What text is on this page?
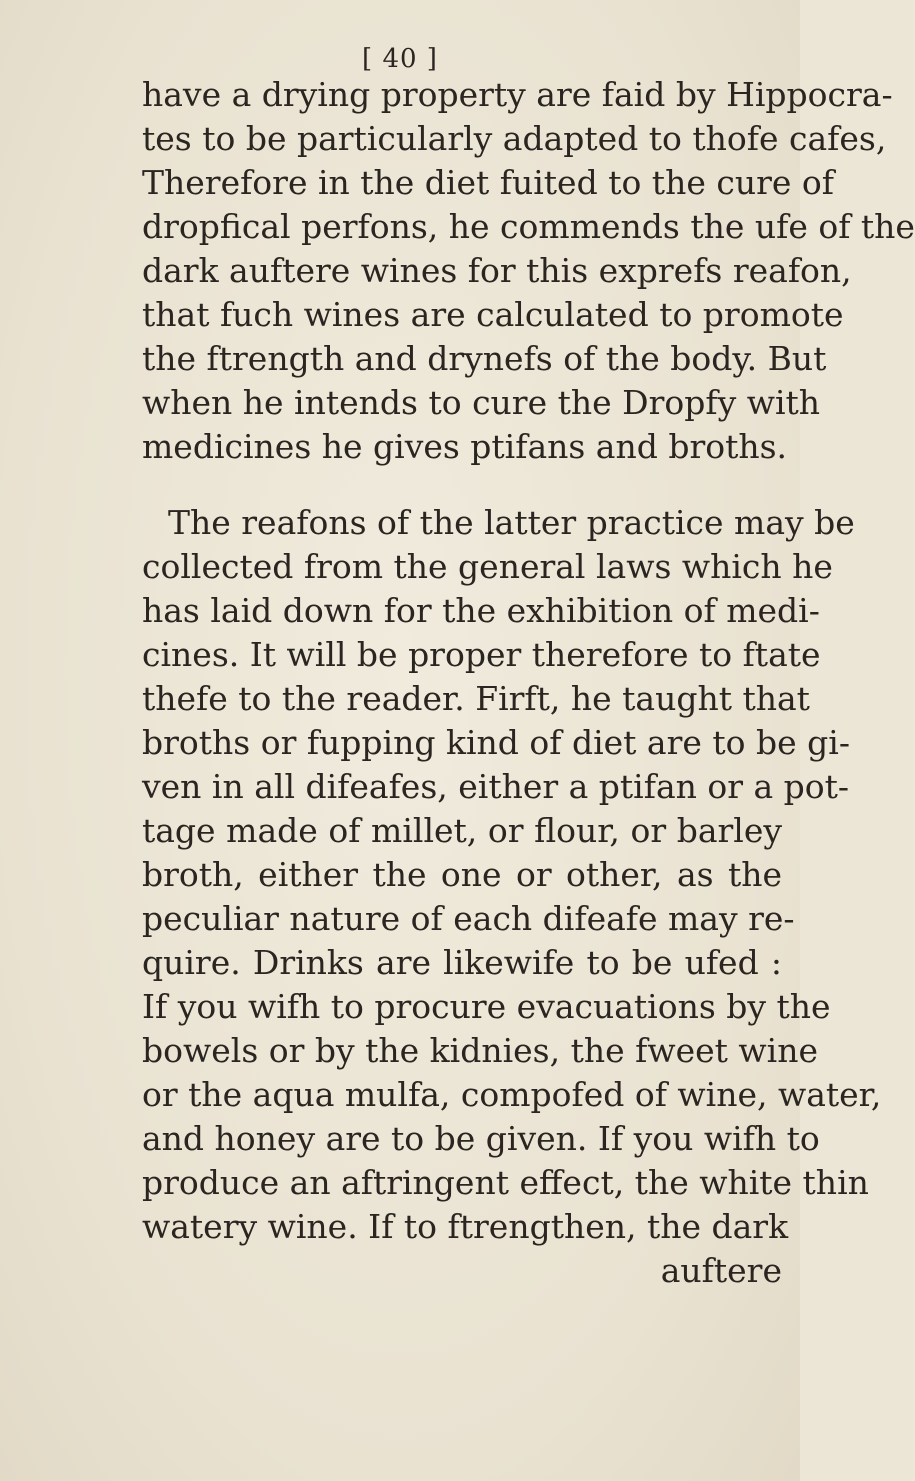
[ 40 ]
have a drying property are faid by Hippocra-
tes to be particularly adapted to thofe cafes,
Therefore in the diet fuited to the cure of
dropfical perfons, he commends the ufe of the
dark auftere wines for this exprefs reafon,
that fuch wines are calculated to promote
the ftrength and drynefs of the body. But
when he intends to cure the Dropfy with
medicines he gives ptifans and broths.
The reafons of the latter practice may be
collected from the general laws which he
has laid down for the exhibition of medi-
cines. It will be proper therefore to ftate
thefe to the reader. Firft, he taught that
broths or fupping kind of diet are to be gi-
ven in all difeafes, either a ptifan or a pot-
tage made of millet, or flour, or barley
broth, either the one or other, as the
peculiar nature of each difeafe may re-
quire. Drinks are likewife to be ufed :
If you wifh to procure evacuations by the
bowels or by the kidnies, the fweet wine
or the aqua mulfa, compofed of wine, water,
and honey are to be given. If you wifh to
produce an aftringent effect, the white thin
watery wine. If to ftrengthen, the dark
auftere
